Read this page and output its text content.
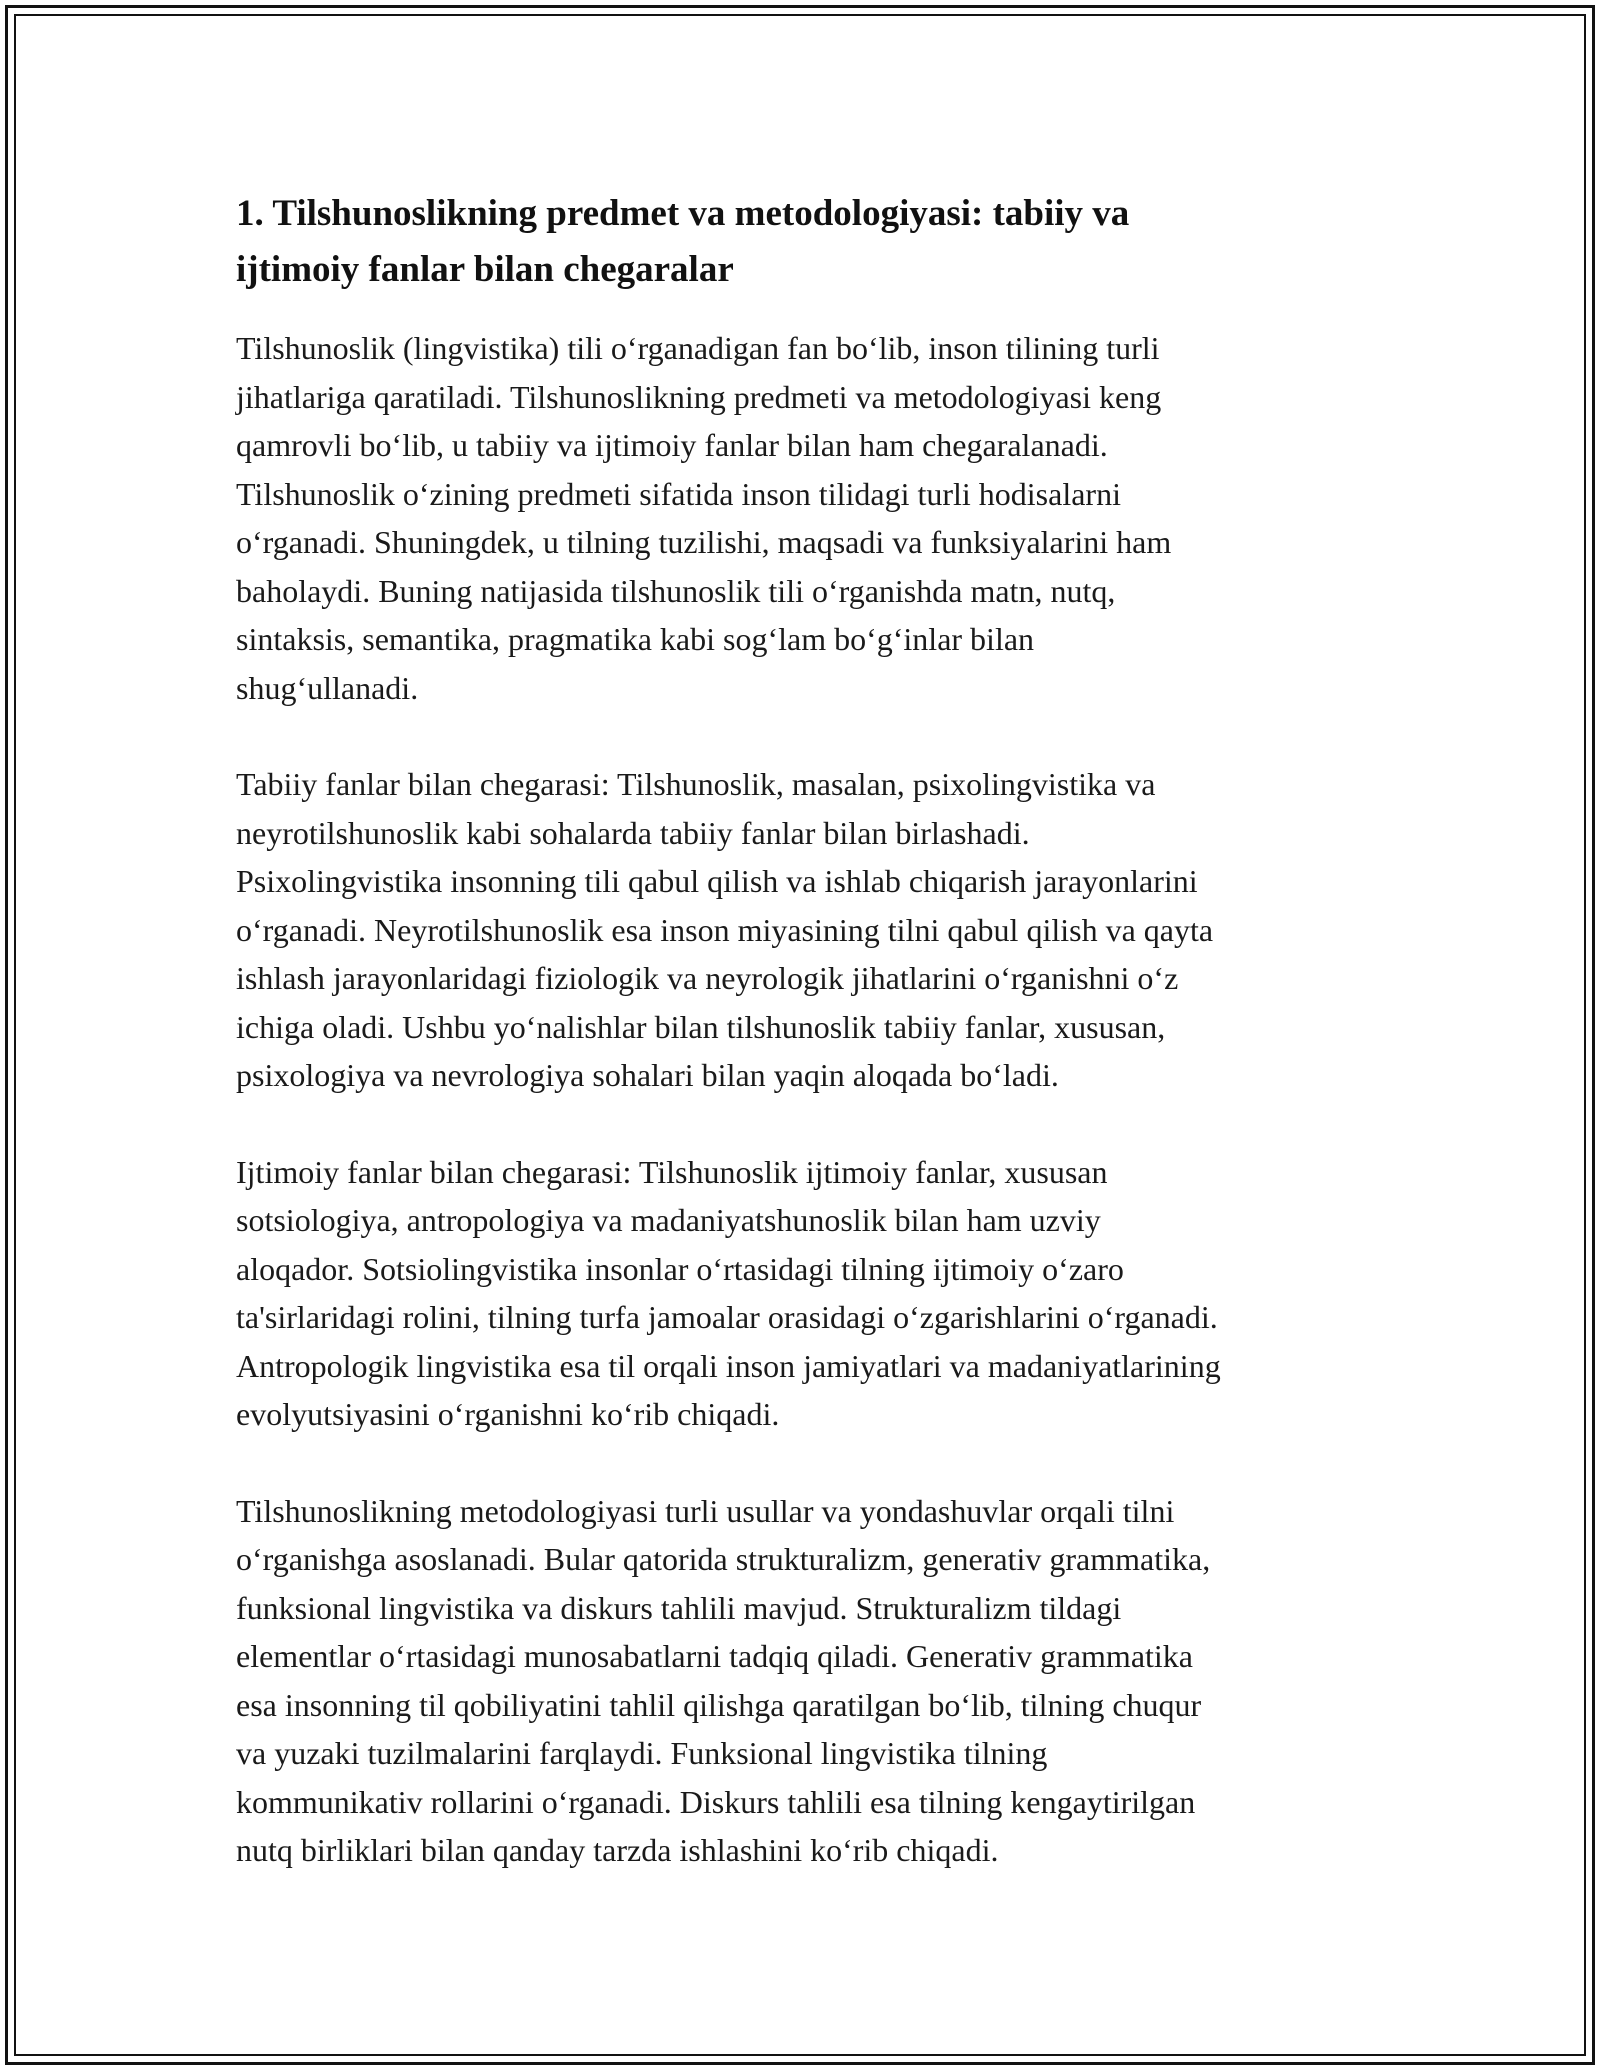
1. Tilshunoslikning predmet va metodologiyasi: tabiiy va
ijtimoiy fanlar bilan chegaralar

Tilshunoslik (lingvistika) tili o‘rganadigan fan bo‘lib, inson tilining turli
jihatlariga qaratiladi. Tilshunoslikning predmeti va metodologiyasi keng
qamrovli bo‘lib, u tabiiy va ijtimoiy fanlar bilan ham chegaralanadi.
Tilshunoslik o‘zining predmeti sifatida inson tilidagi turli hodisalarni
o‘rganadi. Shuningdek, u tilning tuzilishi, maqsadi va funksiyalarini ham
baholaydi. Buning natijasida tilshunoslik tili o‘rganishda matn, nutq,
sintaksis, semantika, pragmatika kabi sog‘lam bo‘g‘inlar bilan
shug‘ullanadi.

Tabiiy fanlar bilan chegarasi: Tilshunoslik, masalan, psixolingvistika va
neyrotilshunoslik kabi sohalarda tabiiy fanlar bilan birlashadi.
Psixolingvistika insonning tili qabul qilish va ishlab chiqarish jarayonlarini
o‘rganadi. Neyrotilshunoslik esa inson miyasining tilni qabul qilish va qayta
ishlash jarayonlaridagi fiziologik va neyrologik jihatlarini o‘rganishni o‘z
ichiga oladi. Ushbu yo‘nalishlar bilan tilshunoslik tabiiy fanlar, xususan,
psixologiya va nevrologiya sohalari bilan yaqin aloqada bo‘ladi.

Ijtimoiy fanlar bilan chegarasi: Tilshunoslik ijtimoiy fanlar, xususan
sotsiologiya, antropologiya va madaniyatshunoslik bilan ham uzviy
aloqador. Sotsiolingvistika insonlar o‘rtasidagi tilning ijtimoiy o‘zaro
ta'sirlaridagi rolini, tilning turfa jamoalar orasidagi o‘zgarishlarini o‘rganadi.
Antropologik lingvistika esa til orqali inson jamiyatlari va madaniyatlarining
evolyutsiyasini o‘rganishni ko‘rib chiqadi.

Tilshunoslikning metodologiyasi turli usullar va yondashuvlar orqali tilni
o‘rganishga asoslanadi. Bular qatorida strukturalizm, generativ grammatika,
funksional lingvistika va diskurs tahlili mavjud. Strukturalizm tildagi
elementlar o‘rtasidagi munosabatlarni tadqiq qiladi. Generativ grammatika
esa insonning til qobiliyatini tahlil qilishga qaratilgan bo‘lib, tilning chuqur
va yuzaki tuzilmalarini farqlaydi. Funksional lingvistika tilning
kommunikativ rollarini o‘rganadi. Diskurs tahlili esa tilning kengaytirilgan
nutq birliklari bilan qanday tarzda ishlashini ko‘rib chiqadi.
